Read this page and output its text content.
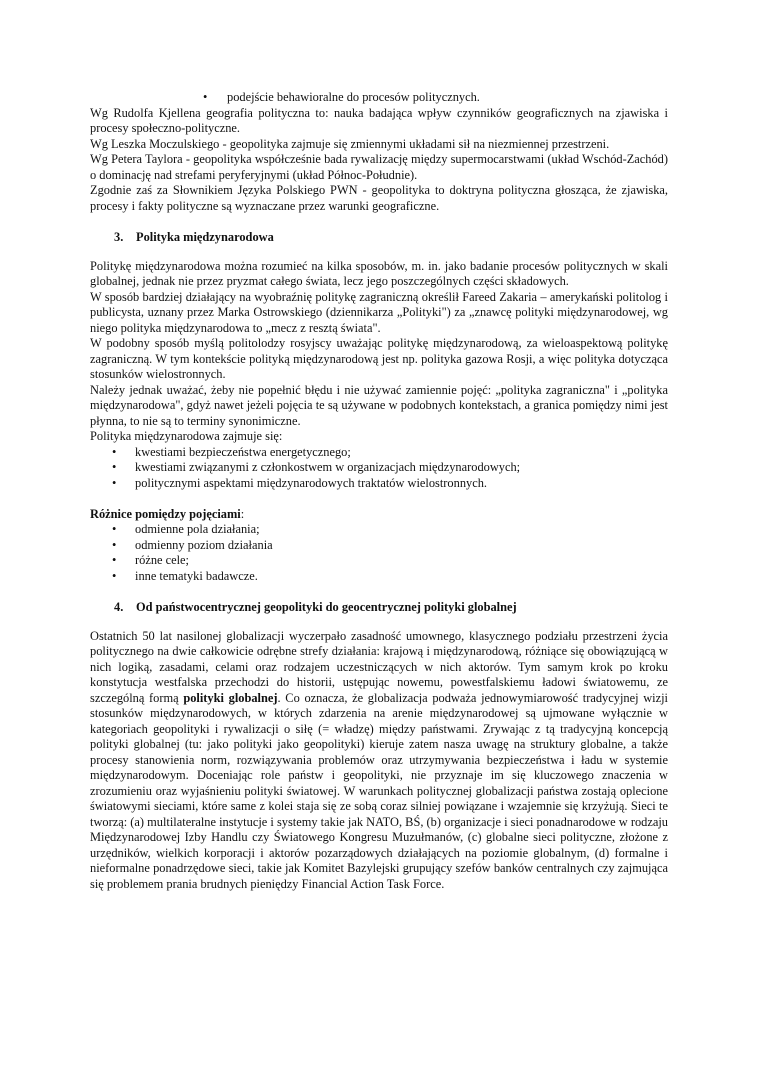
• podejście behawioralne do procesów politycznych.

Wg Rudolfa Kjellena geografia polityczna to: nauka badająca wpływ czynników geograficznych na zjawiska i procesy społeczno-polityczne.

Wg Leszka Moczulskiego - geopolityka zajmuje się zmiennymi układami sił na niezmiennej przestrzeni.

Wg Petera Taylora - geopolityka współcześnie bada rywalizację między supermocarstwami (układ Wschód-Zachód) o dominację nad strefami peryferyjnymi (układ Północ-Południe).

Zgodnie zaś za Słownikiem Języka Polskiego PWN - geopolityka to doktryna polityczna głosząca, że zjawiska, procesy i fakty polityczne są wyznaczane przez warunki geograficzne.

3. Polityka międzynarodowa

Politykę międzynarodowa można rozumieć na kilka sposobów, m. in. jako badanie procesów politycznych w skali globalnej, jednak nie przez pryzmat całego świata, lecz jego poszczególnych części składowych.

W sposób bardziej działający na wyobraźnię politykę zagraniczną określił Fareed Zakaria – amerykański politolog i publicysta, uznany przez Marka Ostrowskiego (dziennikarza „Polityki") za „znawcę polityki międzynarodowej, wg niego polityka międzynarodowa to „mecz z resztą świata".

W podobny sposób myślą politolodzy rosyjscy uważając politykę międzynarodową, za wieloaspektową politykę zagraniczną. W tym kontekście polityką międzynarodową jest np. polityka gazowa Rosji, a więc polityka dotycząca stosunków wielostronnych.

Należy jednak uważać, żeby nie popełnić błędu i nie używać zamiennie pojęć: „polityka zagraniczna" i „polityka międzynarodowa", gdyż nawet jeżeli pojęcia te są używane w podobnych kontekstach, a granica pomiędzy nimi jest płynna, to nie są to terminy synonimiczne.

Polityka międzynarodowa zajmuje się:

• kwestiami bezpieczeństwa energetycznego;
• kwestiami związanymi z członkostwem w organizacjach międzynarodowych;
• politycznymi aspektami międzynarodowych traktatów wielostronnych.

Różnice pomiędzy pojęciami:

• odmienne pola działania;
• odmienny poziom działania
• różne cele;
• inne tematyki badawcze.
4. Od państwocentrycznej geopolityki do geocentrycznej polityki globalnej

Ostatnich 50 lat nasilonej globalizacji wyczerpało zasadność umownego, klasycznego podziału przestrzeni życia politycznego na dwie całkowicie odrębne strefy działania: krajową i międzynarodową, różniące się obowiązującą w nich logiką, zasadami, celami oraz rodzajem uczestniczących w nich aktorów. Tym samym krok po kroku konstytucja westfalska przechodzi do historii, ustępując nowemu, powestfalskiemu ładowi światowemu, ze szczególną formą polityki globalnej. Co oznacza, że globalizacja podważa jednowymiarowość tradycyjnej wizji stosunków międzynarodowych, w których zdarzenia na arenie międzynarodowej są ujmowane wyłącznie w kategoriach geopolityki i rywalizacji o siłę (= władzę) między państwami. Zrywając z tą tradycyjną koncepcją polityki globalnej (tu: jako polityki jako geopolityki) kieruje zatem nasza uwagę na struktury globalne, a także procesy stanowienia norm, rozwiązywania problemów oraz utrzymywania bezpieczeństwa i ładu w systemie międzynarodowym. Doceniając role państw i geopolityki, nie przyznaje im się kluczowego znaczenia w zrozumieniu oraz wyjaśnieniu polityki światowej. W warunkach politycznej globalizacji państwa zostają oplecione światowymi sieciami, które same z kolei staja się ze sobą coraz silniej powiązane i wzajemnie się krzyżują. Sieci te tworzą: (a) multilateralne instytucje i systemy takie jak NATO, BŚ, (b) organizacje i sieci ponadnarodowe w rodzaju Międzynarodowej Izby Handlu czy Światowego Kongresu Muzułmanów, (c) globalne sieci polityczne, złożone z urzędników, wielkich korporacji i aktorów pozarządowych działających na poziomie globalnym, (d) formalne i nieformalne ponadrzędowe sieci, takie jak Komitet Bazylejski grupujący szefów banków centralnych czy zajmująca się problemem prania brudnych pieniędzy Financial Action Task Force.
